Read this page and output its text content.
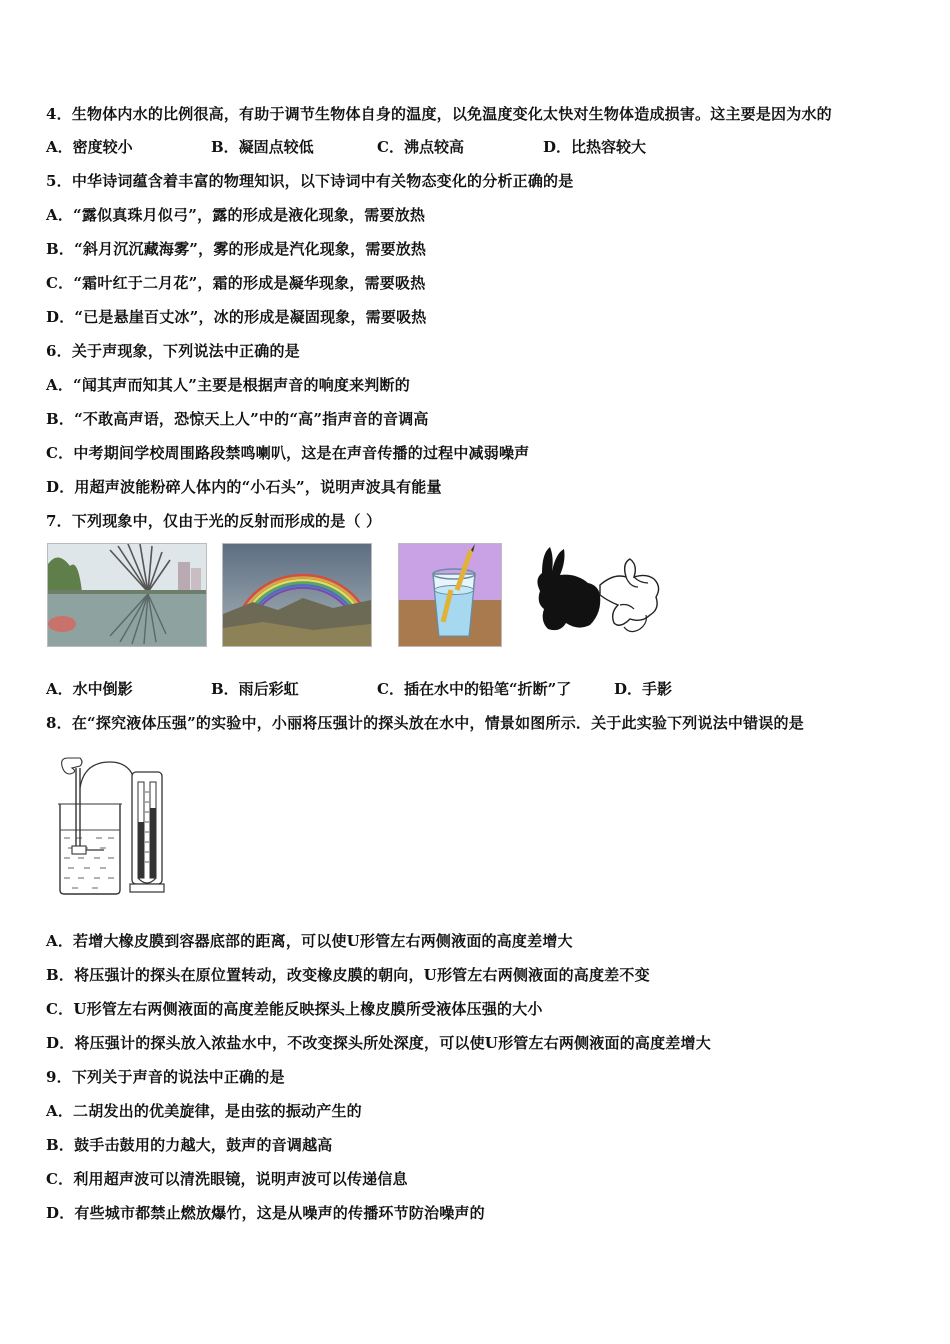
4．生物体内水的比例很高，有助于调节生物体自身的温度，以免温度变化太快对生物体造成损害。这主要是因为水的
A．密度较小	B．凝固点较低	C．沸点较高	D．比热容较大
5．中华诗词蕴含着丰富的物理知识，以下诗词中有关物态变化的分析正确的是
A．“露似真珠月似弓”，露的形成是液化现象，需要放热
B．“斜月沉沉藏海雾”，雾的形成是汽化现象，需要放热
C．“霜叶红于二月花”，霜的形成是凝华现象，需要吸热
D．“已是悬崖百丈冰”，冰的形成是凝固现象，需要吸热
6．关于声现象，下列说法中正确的是
A．“闻其声而知其人”主要是根据声音的响度来判断的
B．“不敢高声语，恐惊天上人”中的“高”指声音的音调高
C．中考期间学校周围路段禁鸣喇叭，这是在声音传播的过程中减弱噪声
D．用超声波能粉碎人体内的“小石头”，说明声波具有能量
7．下列现象中，仅由于光的反射而形成的是（ ）
A．水中倒影	B．雨后彩虹	C．插在水中的铅笔“折断”了	D．手影
8．在“探究液体压强”的实验中，小丽将压强计的探头放在水中，情景如图所示．关于此实验下列说法中错误的是
A．若增大橡皮膜到容器底部的距离，可以使U形管左右两侧液面的高度差增大
B．将压强计的探头在原位置转动，改变橡皮膜的朝向，U形管左右两侧液面的高度差不变
C．U形管左右两侧液面的高度差能反映探头上橡皮膜所受液体压强的大小
D．将压强计的探头放入浓盐水中，不改变探头所处深度，可以使U形管左右两侧液面的高度差增大
9．下列关于声音的说法中正确的是
A．二胡发出的优美旋律，是由弦的振动产生的
B．鼓手击鼓用的力越大，鼓声的音调越高
C．利用超声波可以清洗眼镜，说明声波可以传递信息
D．有些城市都禁止燃放爆竹，这是从噪声的传播环节防治噪声的
